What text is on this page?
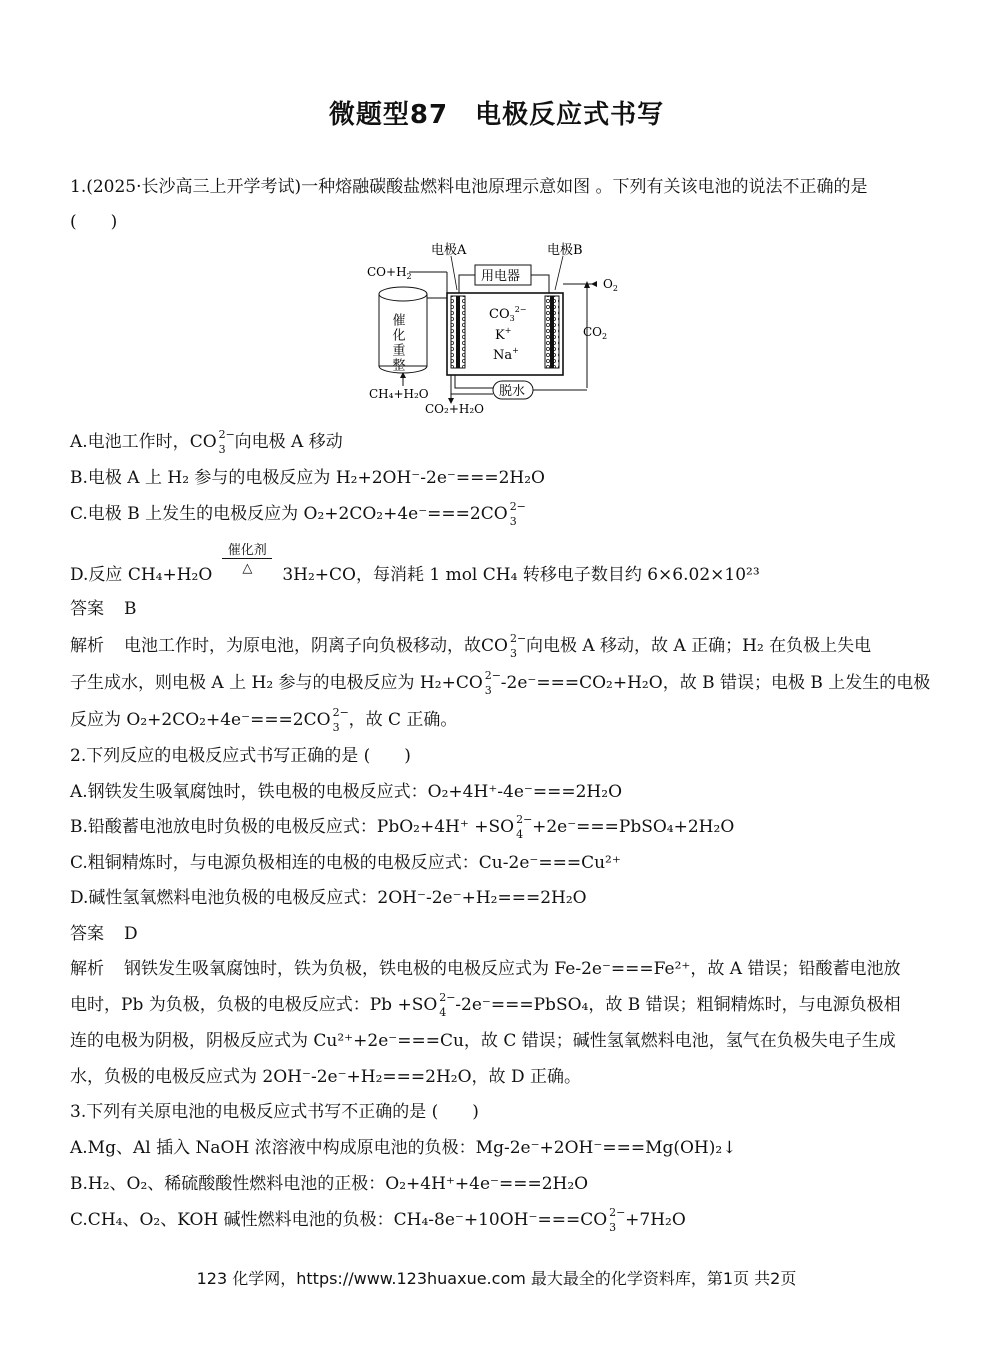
微题型87　电极反应式书写
1.(2025·长沙高三上开学考试)一种熔融碳酸盐燃料电池原理示意如图 。下列有关该电池的说法不正确的是
(　　)
电极A	电极B
用电器
$CO+H_2$
催化重整	$CO_3^{2-}$
K+
Na+
$O_2$
$CO_2$
脱水
CH₄+H₂O
CO₂+H₂O
A.电池工作时，CO 2−
3 向电极 A 移动
B.电极 A 上 H₂ 参与的电极反应为 H₂+2OH⁻-2e⁻===2H₂O
C.电极 B 上发生的电极反应为 O₂+2CO₂+4e⁻===2CO 2−
3
D.反应 CH₄+H₂O
催化剂
△	3H₂+CO，每消耗 1 mol CH₄ 转移电子数目约 6×6.02×10²³
答案 B
解析 电池工作时，为原电池，阴离子向负极移动，故CO 2−
3 向电极 A 移动，故 A 正确；H₂ 在负极上失电
子生成水，则电极 A 上 H₂ 参与的电极反应为 H₂+CO 2−
3 -2e⁻===CO₂+H₂O，故 B 错误；电极 B 上发生的电极
反应为 O₂+2CO₂+4e⁻===2CO 2−
3 ，故 C 正确。
2.下列反应的电极反应式书写正确的是 (　　)
A.钢铁发生吸氧腐蚀时，铁电极的电极反应式：O₂+4H⁺-4e⁻===2H₂O
B.铅酸蓄电池放电时负极的电极反应式：PbO₂+4H⁺ +SO 2−
4 +2e⁻===PbSO₄+2H₂O
C.粗铜精炼时，与电源负极相连的电极的电极反应式：Cu-2e⁻===Cu²⁺
D.碱性氢氧燃料电池负极的电极反应式：2OH⁻-2e⁻+H₂===2H₂O
答案 D
解析 钢铁发生吸氧腐蚀时，铁为负极，铁电极的电极反应式为 Fe-2e⁻===Fe²⁺，故 A 错误；铅酸蓄电池放
电时，Pb 为负极，负极的电极反应式：Pb +SO 2−
4 -2e⁻===PbSO₄，故 B 错误；粗铜精炼时，与电源负极相
连的电极为阴极，阴极反应式为 Cu²⁺+2e⁻===Cu，故 C 错误；碱性氢氧燃料电池，氢气在负极失电子生成
水，负极的电极反应式为 2OH⁻-2e⁻+H₂===2H₂O，故 D 正确。
3.下列有关原电池的电极反应式书写不正确的是 (　　)
A.Mg、Al 插入 NaOH 浓溶液中构成原电池的负极：Mg-2e⁻+2OH⁻===Mg(OH)₂↓
B.H₂、O₂、稀硫酸酸性燃料电池的正极：O₂+4H⁺+4e⁻===2H₂O
C.CH₄、O₂、KOH 碱性燃料电池的负极：CH₄-8e⁻+10OH⁻===CO 2−
3 +7H₂O
123 化学网，https://www.123huaxue.com 最大最全的化学资料库，第1页 共2页
